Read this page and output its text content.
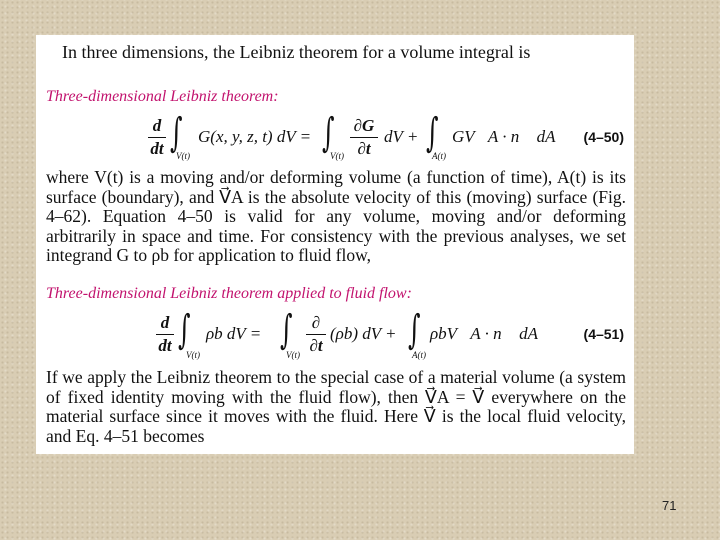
In three dimensions, the Leibniz theorem for a volume integral is
Three-dimensional Leibniz theorem:
d
dt ∫
V(t)
G(x, y, z, t) dV = ∫
V(t)
∂G
∂t
dV + ∫
A(t)
GV⃗A · n⃗ dA (4–50)
where V(t) is a moving and/or deforming volume (a function of time), A(t) is its surface (boundary), and V⃗A is the absolute velocity of this (moving) surface (Fig. 4–62). Equation 4–50 is valid for any volume, moving and/or deforming arbitrarily in space and time. For consistency with the previous analyses, we set integrand G to ρb for application to fluid flow,
Three-dimensional Leibniz theorem applied to fluid flow:
d
dt ∫
V(t)
ρb dV = ∫
V(t)
∂
∂t
(ρb) dV + ∫
A(t)
ρbV⃗A · n⃗ dA	(4–51)
If we apply the Leibniz theorem to the special case of a material volume (a system of fixed identity moving with the fluid flow), then V⃗A = V⃗ everywhere on the material surface since it moves with the fluid. Here V⃗ is the local fluid velocity, and Eq. 4–51 becomes
71
